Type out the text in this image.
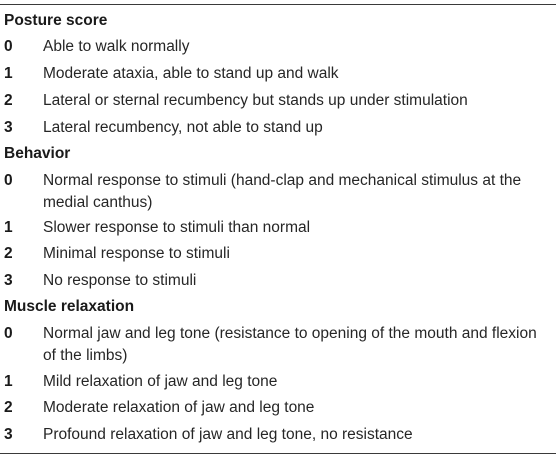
Posture score
0 Able to walk normally
1 Moderate ataxia, able to stand up and walk
2 Lateral or sternal recumbency but stands up under stimulation
3 Lateral recumbency, not able to stand up
Behavior
0 Normal response to stimuli (hand-clap and mechanical stimulus at the medial canthus)
1 Slower response to stimuli than normal
2 Minimal response to stimuli
3 No response to stimuli
Muscle relaxation
0 Normal jaw and leg tone (resistance to opening of the mouth and flexion of the limbs)
1 Mild relaxation of jaw and leg tone
2 Moderate relaxation of jaw and leg tone
3 Profound relaxation of jaw and leg tone, no resistance
